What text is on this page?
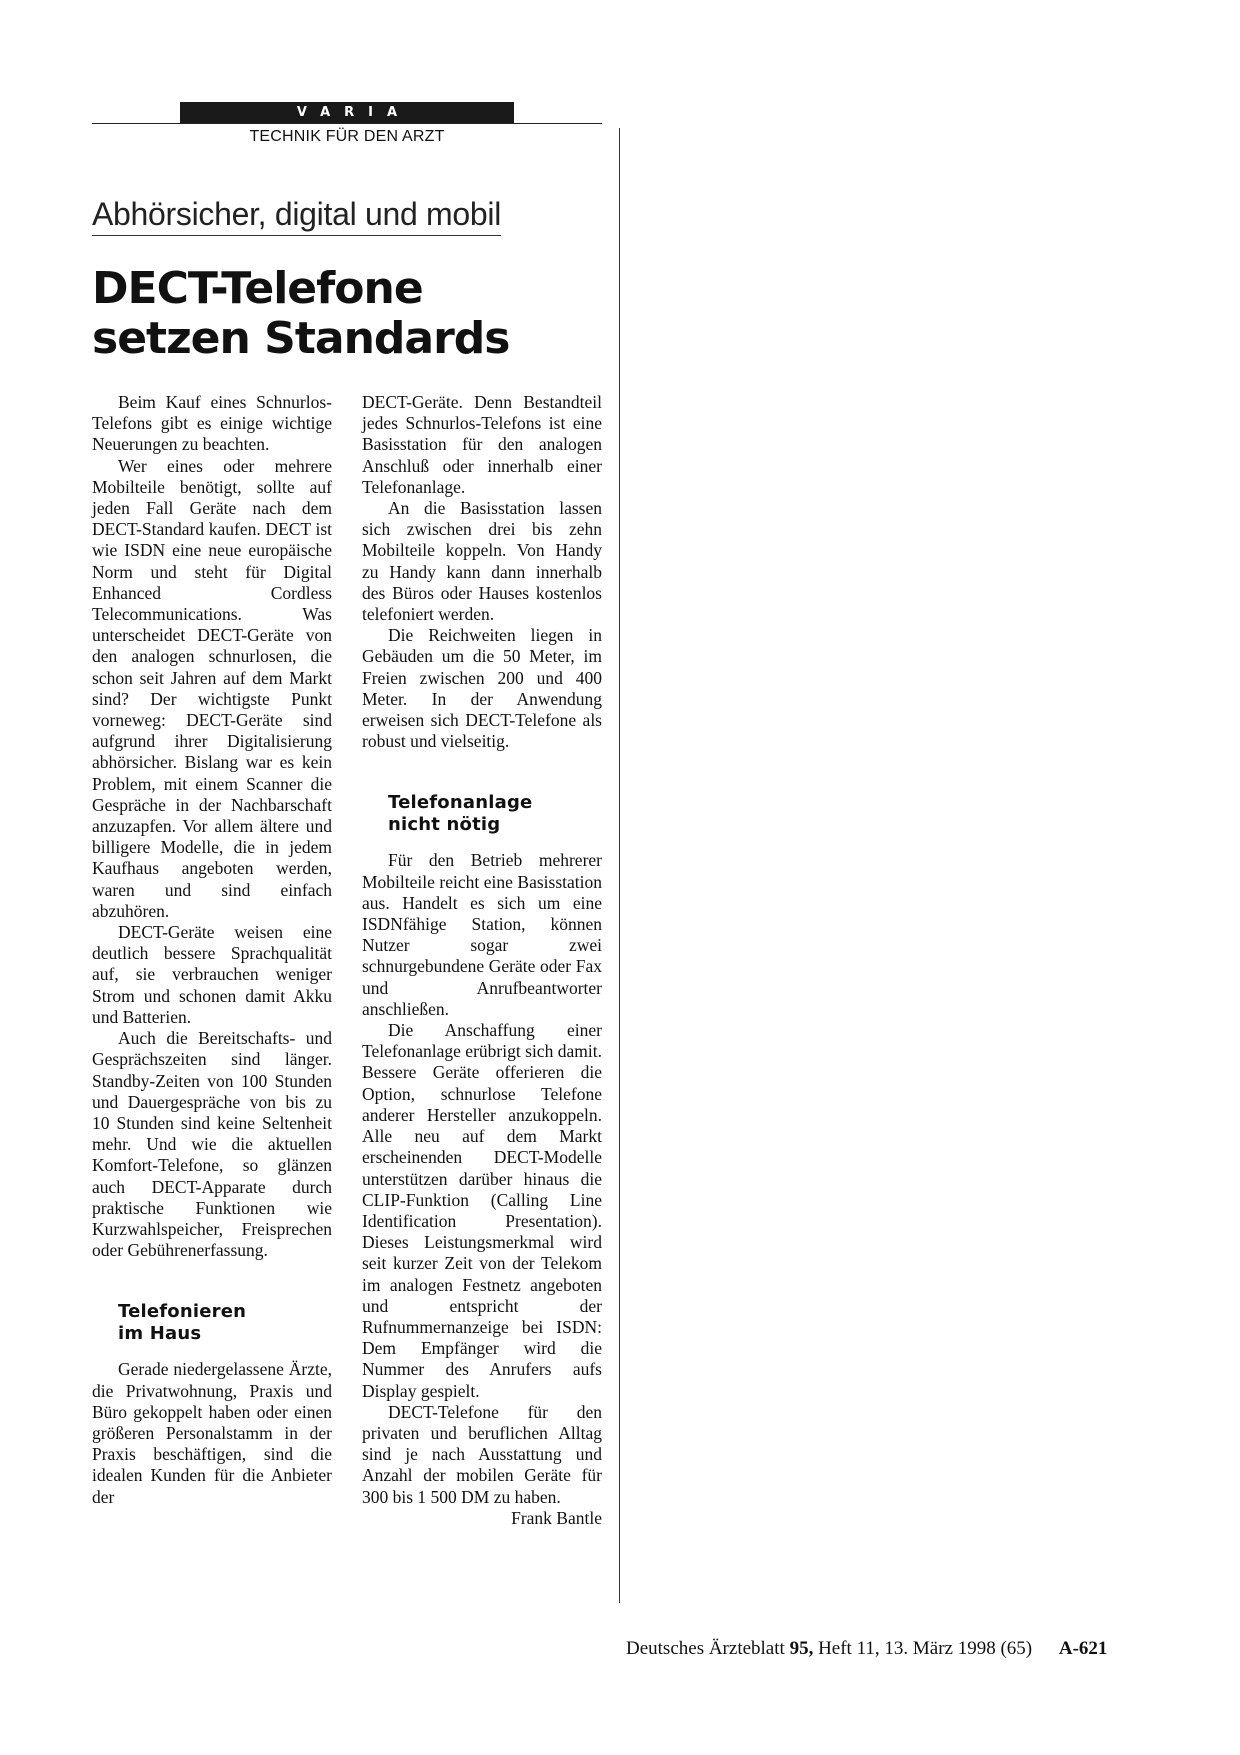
VARIA
TECHNIK FÜR DEN ARZT
Abhörsicher, digital und mobil
DECT-Telefone
setzen Standards

Beim Kauf eines Schnurlos-Telefons gibt es einige wichtige Neuerungen zu beachten.

Wer eines oder mehrere Mobilteile benötigt, sollte auf jeden Fall Geräte nach dem DECT-Standard kaufen. DECT ist wie ISDN eine neue europäische Norm und steht für Digital Enhanced Cordless Telecommunications. Was unterscheidet DECT-Geräte von den analogen schnurlosen, die schon seit Jahren auf dem Markt sind? Der wichtigste Punkt vorneweg: DECT-Geräte sind aufgrund ihrer Digitalisierung abhörsicher. Bislang war es kein Problem, mit einem Scanner die Gespräche in der Nachbarschaft anzuzapfen. Vor allem ältere und billigere Modelle, die in jedem Kaufhaus angeboten werden, waren und sind einfach abzuhören.

DECT-Geräte weisen eine deutlich bessere Sprachqualität auf, sie verbrauchen weniger Strom und schonen damit Akku und Batterien.

Auch die Bereitschafts- und Gesprächszeiten sind länger. Standby-Zeiten von 100 Stunden und Dauergespräche von bis zu 10 Stunden sind keine Seltenheit mehr. Und wie die aktuellen Komfort-Telefone, so glänzen auch DECT-Apparate durch praktische Funktionen wie Kurzwahlspeicher, Freisprechen oder Gebührenerfassung.

Telefonieren
im Haus

Gerade niedergelassene Ärzte, die Privatwohnung, Praxis und Büro gekoppelt haben oder einen größeren Personalstamm in der Praxis beschäftigen, sind die idealen Kunden für die Anbieter der

DECT-Geräte. Denn Bestandteil jedes Schnurlos-Telefons ist eine Basisstation für den analogen Anschluß oder innerhalb einer Telefonanlage.

An die Basisstation lassen sich zwischen drei bis zehn Mobilteile koppeln. Von Handy zu Handy kann dann innerhalb des Büros oder Hauses kostenlos telefoniert werden.

Die Reichweiten liegen in Gebäuden um die 50 Meter, im Freien zwischen 200 und 400 Meter. In der Anwendung erweisen sich DECT-Telefone als robust und vielseitig.

Telefonanlage
nicht nötig

Für den Betrieb mehrerer Mobilteile reicht eine Basisstation aus. Handelt es sich um eine ISDNfähige Station, können Nutzer sogar zwei schnurgebundene Geräte oder Fax und Anrufbeantworter anschließen.

Die Anschaffung einer Telefonanlage erübrigt sich damit. Bessere Geräte offerieren die Option, schnurlose Telefone anderer Hersteller anzukoppeln. Alle neu auf dem Markt erscheinenden DECT-Modelle unterstützen darüber hinaus die CLIP-Funktion (Calling Line Identification Presentation). Dieses Leistungsmerkmal wird seit kurzer Zeit von der Telekom im analogen Festnetz angeboten und entspricht der Rufnummernanzeige bei ISDN: Dem Empfänger wird die Nummer des Anrufers aufs Display gespielt.

DECT-Telefone für den privaten und beruflichen Alltag sind je nach Ausstattung und Anzahl der mobilen Geräte für 300 bis 1 500 DM zu haben.
Frank Bantle

Deutsches Ärzteblatt 95, Heft 11, 13. März 1998 (65) A-621
